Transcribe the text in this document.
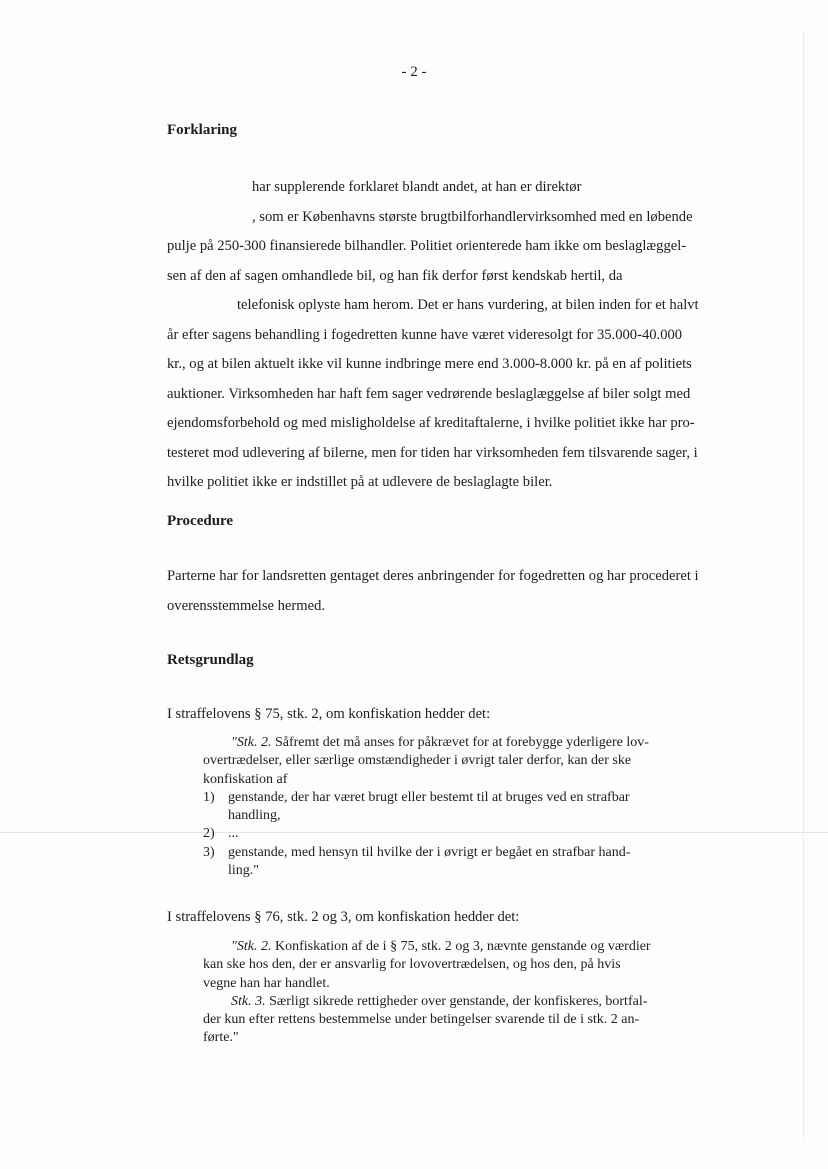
- 2 -
Forklaring
har supplerende forklaret blandt andet, at han er direktør
, som er Københavns største brugtbilforhandlervirksomhed med en løbende
pulje på 250-300 finansierede bilhandler. Politiet orienterede ham ikke om beslaglæggel-
sen af den af sagen omhandlede bil, og han fik derfor først kendskab hertil, da
telefonisk oplyste ham herom. Det er hans vurdering, at bilen inden for et halvt
år efter sagens behandling i fogedretten kunne have været videresolgt for 35.000-40.000
kr., og at bilen aktuelt ikke vil kunne indbringe mere end 3.000-8.000 kr. på en af politiets
auktioner. Virksomheden har haft fem sager vedrørende beslaglæggelse af biler solgt med
ejendomsforbehold og med misligholdelse af kreditaftalerne, i hvilke politiet ikke har pro-
testeret mod udlevering af bilerne, men for tiden har virksomheden fem tilsvarende sager, i
hvilke politiet ikke er indstillet på at udlevere de beslaglagte biler.
Procedure
Parterne har for landsretten gentaget deres anbringender for fogedretten og har procederet i
overensstemmelse hermed.
Retsgrundlag
I straffelovens § 75, stk. 2, om konfiskation hedder det:

"Stk. 2. Såfremt det må anses for påkrævet for at forebygge yderligere lov-

overtrædelser, eller særlige omstændigheder i øvrigt taler derfor, kan der ske

konfiskation af

1) genstande, der har været brugt eller bestemt til at bruges ved en strafbar
handling,
2) ...
3) genstande, med hensyn til hvilke der i øvrigt er begået en strafbar hand-
ling."
I straffelovens § 76, stk. 2 og 3, om konfiskation hedder det:

"Stk. 2. Konfiskation af de i § 75, stk. 2 og 3, nævnte genstande og værdier

kan ske hos den, der er ansvarlig for lovovertrædelsen, og hos den, på hvis

vegne han har handlet.

Stk. 3. Særligt sikrede rettigheder over genstande, der konfiskeres, bortfal-

der kun efter rettens bestemmelse under betingelser svarende til de i stk. 2 an-

førte."
